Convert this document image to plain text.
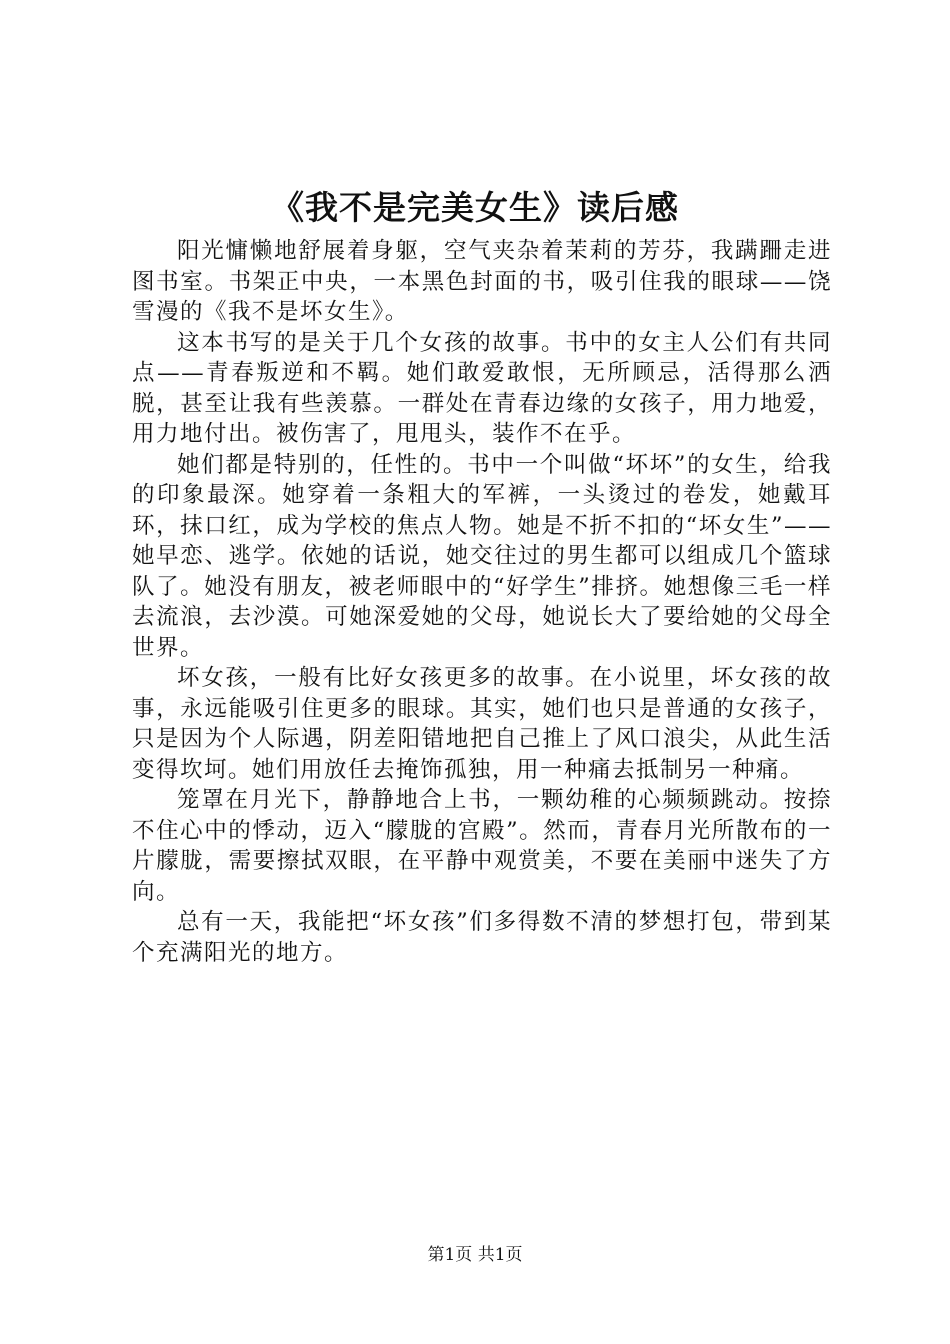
《我不是完美女生》读后感

阳光慵懒地舒展着身躯，空气夹杂着茉莉的芳芬，我蹒跚走进图书室。书架正中央，一本黑色封面的书，吸引住我的眼球——饶雪漫的《我不是坏女生》。

这本书写的是关于几个女孩的故事。书中的女主人公们有共同点——青春叛逆和不羁。她们敢爱敢恨，无所顾忌，活得那么洒脱，甚至让我有些羡慕。一群处在青春边缘的女孩子，用力地爱，用力地付出。被伤害了，甩甩头，装作不在乎。

她们都是特别的，任性的。书中一个叫做“坏坏”的女生，给我的印象最深。她穿着一条粗大的军裤，一头烫过的卷发，她戴耳环，抹口红，成为学校的焦点人物。她是不折不扣的“坏女生”——她早恋、逃学。依她的话说，她交往过的男生都可以组成几个篮球队了。她没有朋友，被老师眼中的“好学生”排挤。她想像三毛一样去流浪，去沙漠。可她深爱她的父母，她说长大了要给她的父母全世界。

坏女孩，一般有比好女孩更多的故事。在小说里，坏女孩的故事，永远能吸引住更多的眼球。其实，她们也只是普通的女孩子，只是因为个人际遇，阴差阳错地把自己推上了风口浪尖，从此生活变得坎坷。她们用放任去掩饰孤独，用一种痛去抵制另一种痛。

笼罩在月光下，静静地合上书，一颗幼稚的心频频跳动。按捺不住心中的悸动，迈入“朦胧的宫殿”。然而，青春月光所散布的一片朦胧，需要擦拭双眼，在平静中观赏美，不要在美丽中迷失了方向。

总有一天，我能把“坏女孩”们多得数不清的梦想打包，带到某个充满阳光的地方。

第1页 共1页
